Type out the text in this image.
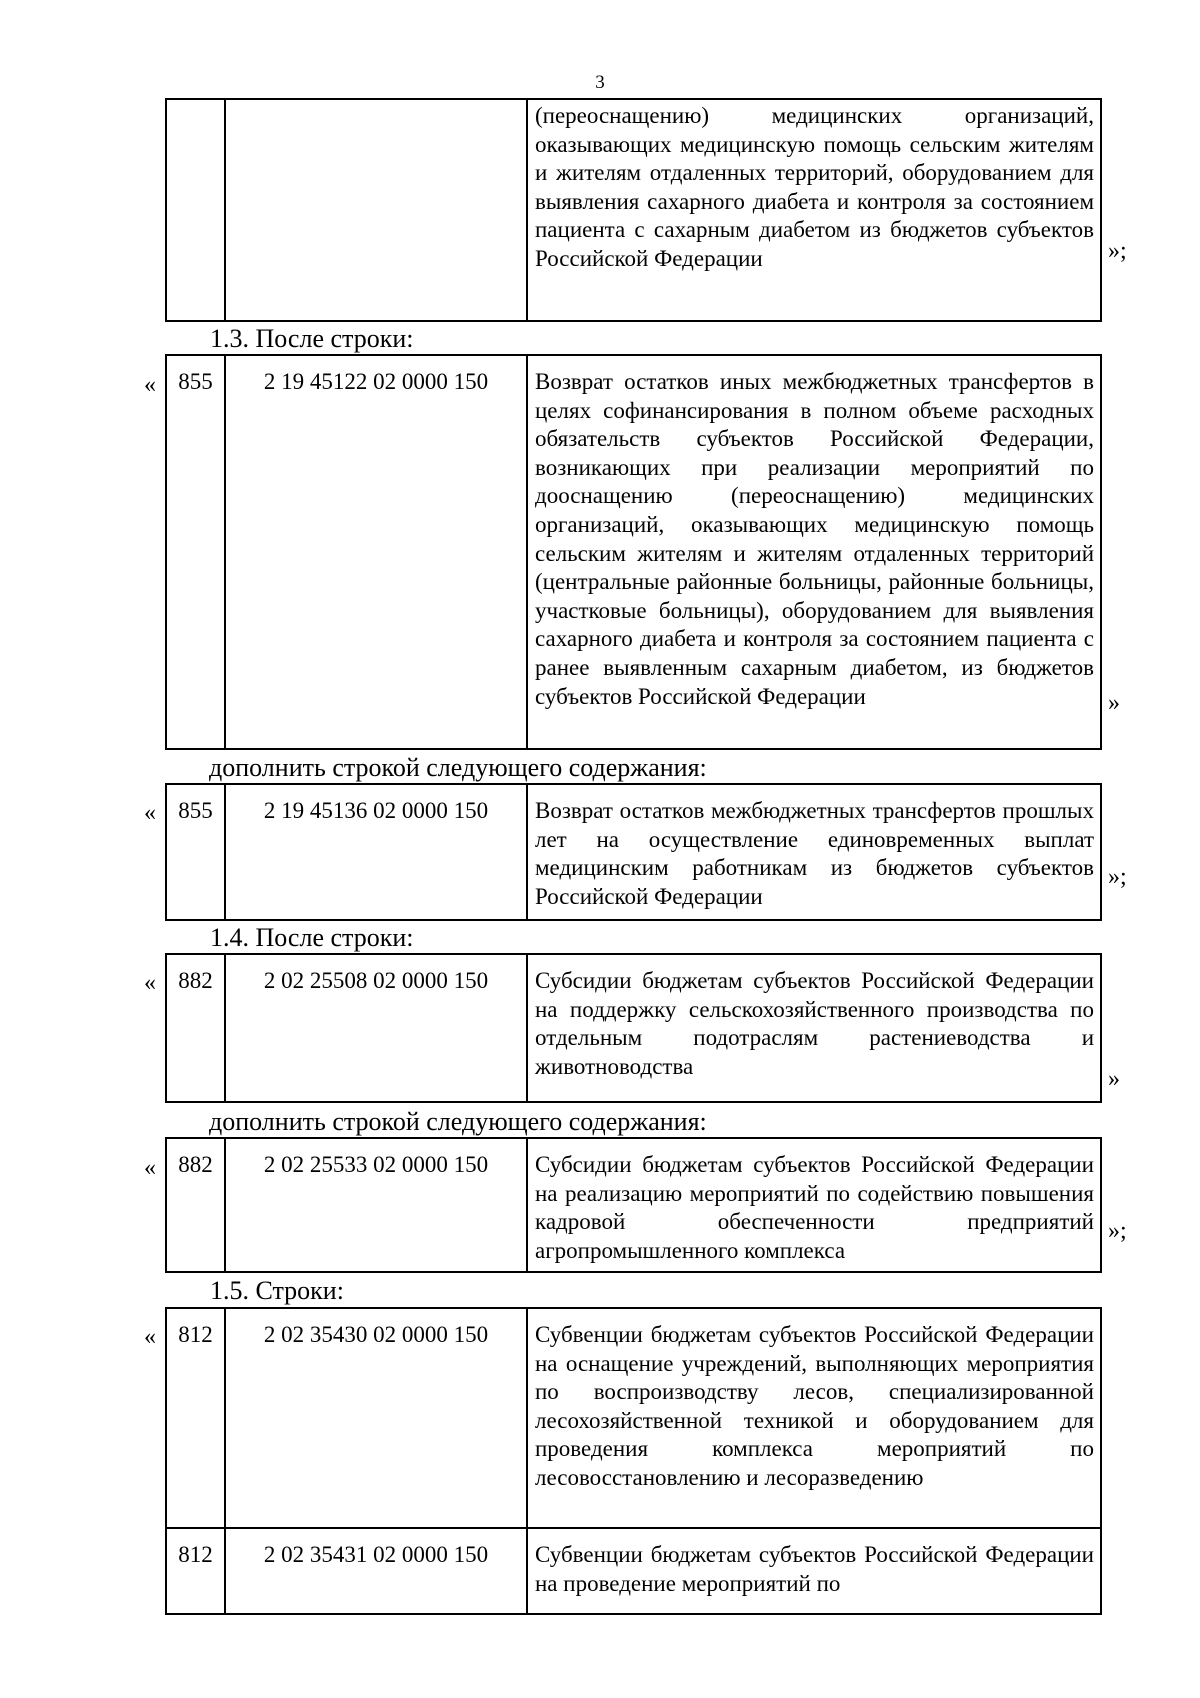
3
		(переоснащению) медицинских организаций, оказывающих медицинскую помощь сельским жителям и жителям отдаленных территорий, оборудованием для выявления сахарного диабета и контроля за состоянием пациента с сахарным диабетом из бюджетов субъектов Российской Федерации	»;
1.3. После строки:
« 855	2 19 45122 02 0000 150	Возврат остатков иных межбюджетных трансфертов в целях софинансирования в полном объеме расходных обязательств субъектов Российской Федерации, возникающих при реализации мероприятий по дооснащению (переоснащению) медицинских организаций, оказывающих медицинскую помощь сельским жителям и жителям отдаленных территорий (центральные районные больницы, районные больницы, участковые больницы), оборудованием для выявления сахарного диабета и контроля за состоянием пациента с ранее выявленным сахарным диабетом, из бюджетов субъектов Российской Федерации	»
дополнить строкой следующего содержания:
« 855	2 19 45136 02 0000 150	Возврат остатков межбюджетных трансфертов прошлых лет на осуществление единовременных выплат медицинским работникам из бюджетов субъектов Российской Федерации
»;
1.4. После строки:
« 882	2 02 25508 02 0000 150	Субсидии бюджетам субъектов Российской Федерации на поддержку сельскохозяйственного производства по отдельным подотраслям растениеводства и животноводства	»
дополнить строкой следующего содержания:
« 882	2 02 25533 02 0000 150	Субсидии бюджетам субъектов Российской Федерации на реализацию мероприятий по содействию повышения кадровой обеспеченности предприятий агропромышленного комплекса
»;
1.5. Строки:
« 812	2 02 35430 02 0000 150	Субвенции бюджетам субъектов Российской Федерации на оснащение учреждений, выполняющих мероприятия по воспроизводству лесов, специализированной лесохозяйственной техникой и оборудованием для проведения комплекса мероприятий по лесовосстановлению и лесоразведению
812	2 02 35431 02 0000 150	Субвенции бюджетам субъектов Российской Федерации на проведение мероприятий по
